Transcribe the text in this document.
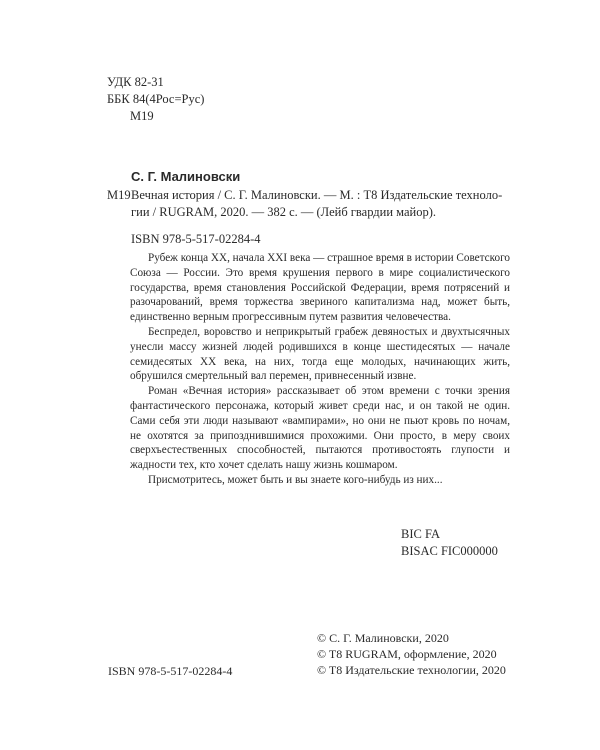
УДК 82-31
ББК 84(4Рос=Рус)
М19
С. Г. Малиновски
М19 Вечная история / С. Г. Малиновски. — М. : T8 Издательские техноло-
гии / RUGRAM, 2020. — 382 с. — (Лейб гвардии майор).
ISBN 978-5-517-02284-4

Рубеж конца XX, начала XXI века — страшное время в истории Советского Союза — России. Это время крушения первого в мире социалистического государства, время становления Российской Федерации, время потрясений и разочарований, время торжества звериного капитализма над, может быть, единственно верным прогрессивным путем развития человечества.

Беспредел, воровство и неприкрытый грабеж девяностых и двухтысячных унесли массу жизней людей родившихся в конце шестидесятых — начале семидесятых XX века, на них, тогда еще молодых, начинающих жить, обрушился смертельный вал перемен, привнесенный извне.

Роман «Вечная история» рассказывает об этом времени с точки зрения фантастического персонажа, который живет среди нас, и он такой не один. Сами себя эти люди называют «вампирами», но они не пьют кровь по ночам, не охотятся за припозднившимися прохожими. Они просто, в меру своих сверхъестественных способностей, пытаются противостоять глупости и жадности тех, кто хочет сделать нашу жизнь кошмаром.

Присмотритесь, может быть и вы знаете кого-нибудь из них...

BIC FA
BISAC FIC000000
ISBN 978-5-517-02284-4
© С. Г. Малиновски, 2020
© T8 RUGRAM, оформление, 2020
© T8 Издательские технологии, 2020
